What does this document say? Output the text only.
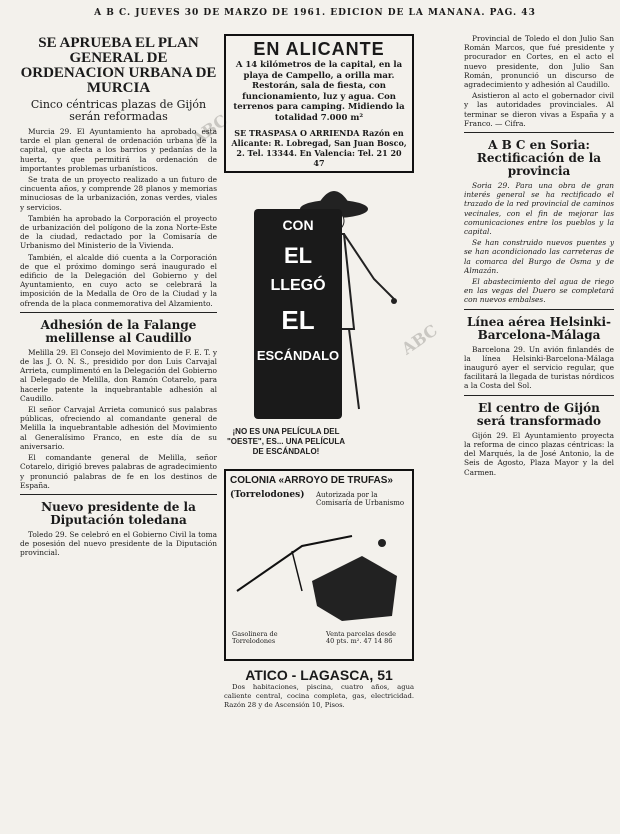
A B C. JUEVES 30 DE MARZO DE 1961. EDICION DE LA MAÑANA. PAG. 43
ABC
ABC
SE APRUEBA EL PLAN GENERAL DE ORDENACION URBANA DE MURCIA
Cinco céntricas plazas de Gijón serán reformadas

Murcia 29. El Ayuntamiento ha aprobado esta tarde el plan general de ordenación urbana de la capital, que afecta a los barrios y pedanías de la huerta, y que permitirá la ordenación de importantes problemas urbanísticos.

Se trata de un proyecto realizado a un futuro de cincuenta años, y comprende 28 planos y memorias minuciosas de la urbanización, zonas verdes, viales y servicios.

También ha aprobado la Corporación el proyecto de urbanización del polígono de la zona Norte-Este de la ciudad, redactado por la Comisaría de Urbanismo del Ministerio de la Vivienda.

También, el alcalde dió cuenta a la Corporación de que el próximo domingo será inaugurado el edificio de la Delegación del Gobierno y del Ayuntamiento, en cuyo acto se celebrará la imposición de la Medalla de Oro de la Ciudad y la ofrenda de la placa conmemorativa del Alzamiento.

Adhesión de la Falange melillense al Caudillo

Melilla 29. El Consejo del Movimiento de F. E. T. y de las J. O. N. S., presidido por don Luis Carvajal Arrieta, cumplimentó en la Delegación del Gobierno al Delegado de Melilla, don Ramón Cotarelo, para hacerle patente la inquebrantable adhesión al Caudillo.

El señor Carvajal Arrieta comunicó sus palabras públicas, ofreciendo al comandante general de Melilla la inquebrantable adhesión del Movimiento al Generalísimo Franco, en este día de su aniversario.

El comandante general de Melilla, señor Cotarelo, dirigió breves palabras de agradecimiento y pronunció palabras de fe en los destinos de España.

Nuevo presidente de la Diputación toledana

Toledo 29. Se celebró en el Gobierno Civil la toma de posesión del nuevo presidente de la Diputación provincial.

EN ALICANTE
A 14 kilómetros de la capital, en la playa de Campello, a orilla mar. Restorán, sala de fiesta, con funcionamiento, luz y agua. Con terrenos para camping. Midiendo la totalidad 7.000 m²
SE TRASPASA O ARRIENDA Razón en Alicante: R. Lobregad, San Juan Bosco, 2. Tel. 13344. En Valencia: Tel. 21 20 47
CON
EL
LLEGÓ
EL
ESCÁNDALO
¡NO ES UNA PELÍCULA DEL "OESTE", ES... UNA PELÍCULA DE ESCÁNDALO!
COLONIA «ARROYO DE TRUFAS»
(Torrelodones)	Autorizada por la Comisaría de Urbanismo
Gasolinera de Torrelodones
Venta parcelas desde 40 pts. m². 47 14 86
ATICO - LAGASCA, 51

Dos habitaciones, piscina, cuatro años, agua caliente central, cocina completa, gas, electricidad. Razón 28 y de Ascensión 10, Pisos.

Provincial de Toledo el don Julio San Román Marcos, que fué presidente y procurador en Cortes, en el acto el nuevo presidente, don Julio San Román, pronunció un discurso de agradecimiento y adhesión al Caudillo.

Asistieron al acto el gobernador civil y las autoridades provinciales. Al terminar se dieron vivas a España y a Franco. — Cifra.

A B C en Soria: Rectificación de la provincia

Soria 29. Para una obra de gran interés general se ha rectificado el trazado de la red provincial de caminos vecinales, con el fin de mejorar las comunicaciones entre los pueblos y la capital.

Se han construido nuevos puentes y se han acondicionado las carreteras de la comarca del Burgo de Osma y de Almazán.

El abastecimiento del agua de riego en las vegas del Duero se completará con nuevos embalses.

Línea aérea Helsinki-Barcelona-Málaga

Barcelona 29. Un avión finlandés de la línea Helsinki-Barcelona-Málaga inauguró ayer el servicio regular, que facilitará la llegada de turistas nórdicos a la Costa del Sol.

El centro de Gijón será transformado

Gijón 29. El Ayuntamiento proyecta la reforma de cinco plazas céntricas: la del Marqués, la de José Antonio, la de Seis de Agosto, Plaza Mayor y la del Carmen.
